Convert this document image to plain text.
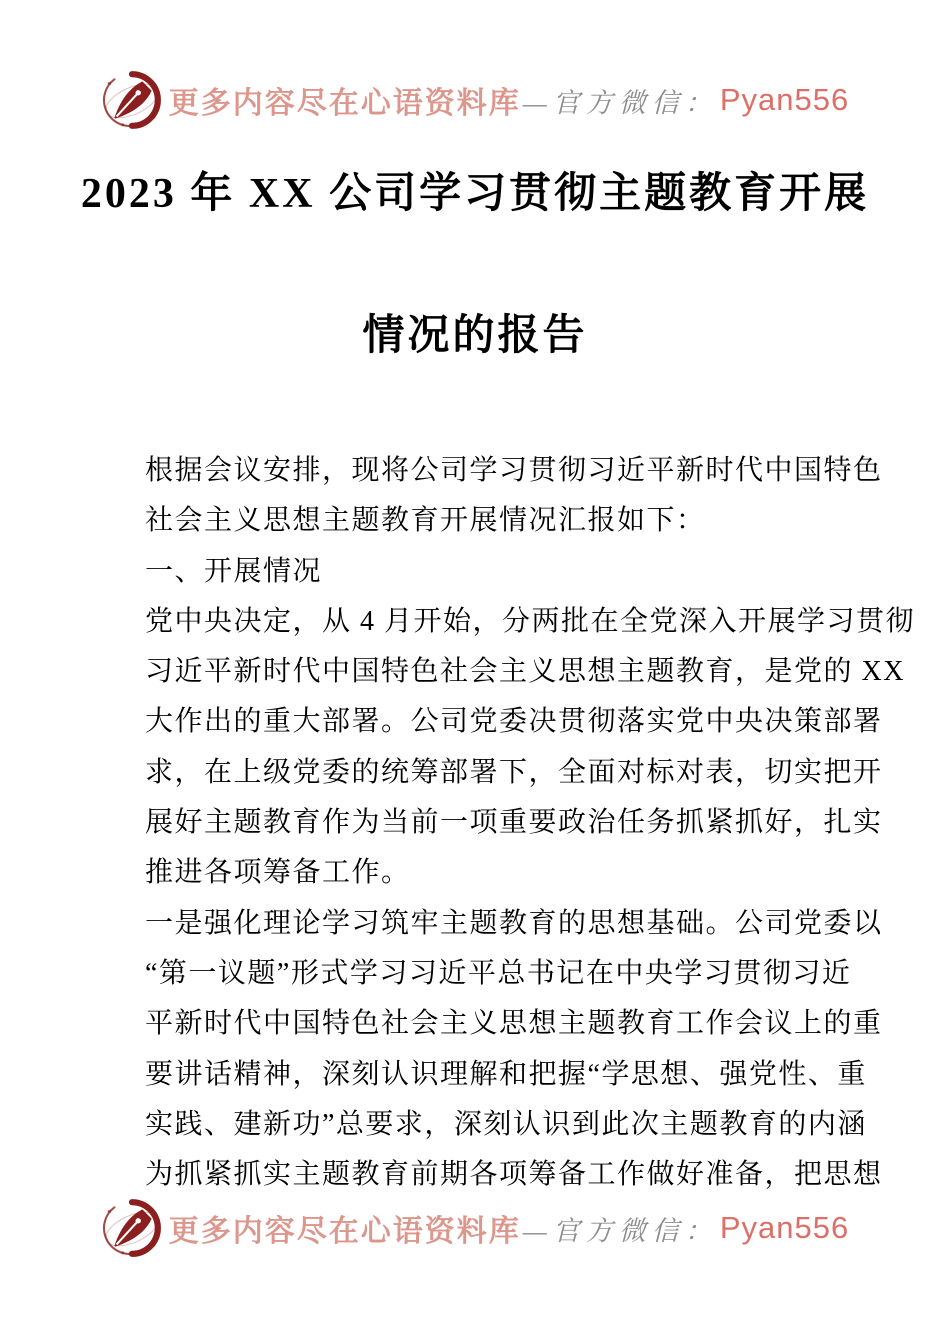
更多内容尽在心语资料库 —官方微信： Pyan556
2023 年 XX 公司学习贯彻主题教育开展
情况的报告
根据会议安排，现将公司学习贯彻习近平新时代中国特色
社会主义思想主题教育开展情况汇报如下：
一、开展情况
党中央决定，从 4 月开始，分两批在全党深入开展学习贯彻
习近平新时代中国特色社会主义思想主题教育，是党的 XX
大作出的重大部署。公司党委决贯彻落实党中央决策部署
求，在上级党委的统筹部署下，全面对标对表，切实把开
展好主题教育作为当前一项重要政治任务抓紧抓好，扎实
推进各项筹备工作。
一是强化理论学习筑牢主题教育的思想基础。公司党委以
“第一议题”形式学习习近平总书记在中央学习贯彻习近
平新时代中国特色社会主义思想主题教育工作会议上的重
要讲话精神，深刻认识理解和把握“学思想、强党性、重
实践、建新功”总要求，深刻认识到此次主题教育的内涵
为抓紧抓实主题教育前期各项筹备工作做好准备，把思想
更多内容尽在心语资料库 —官方微信： Pyan556
